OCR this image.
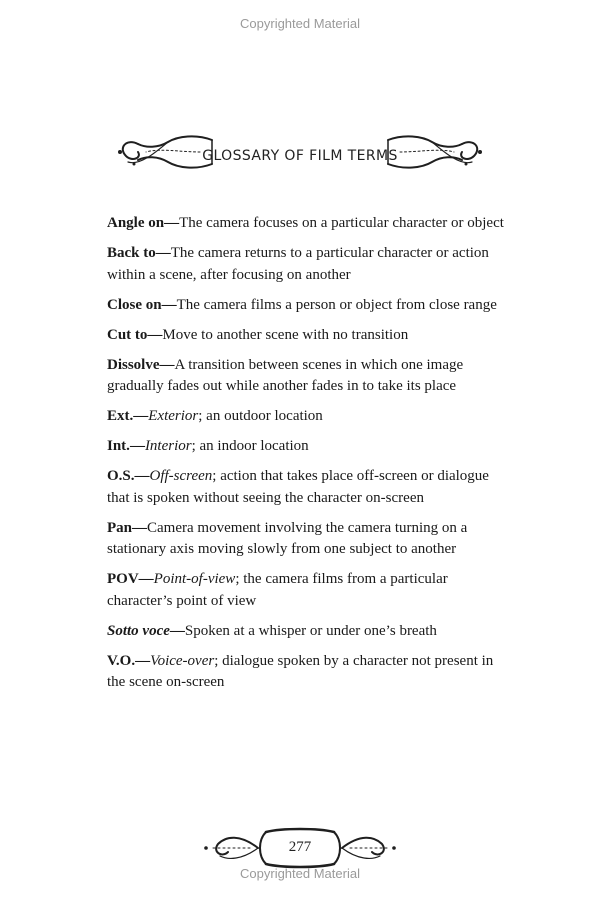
Copyrighted Material
GLOSSARY OF FILM TERMS
Angle on—The camera focuses on a particular character or object
Back to—The camera returns to a particular character or action within a scene, after focusing on another
Close on—The camera films a person or object from close range
Cut to—Move to another scene with no transition
Dissolve—A transition between scenes in which one image gradually fades out while another fades in to take its place
Ext.—Exterior; an outdoor location
Int.—Interior; an indoor location
O.S.—Off-screen; action that takes place off-screen or dialogue that is spoken without seeing the character on-screen
Pan—Camera movement involving the camera turning on a stationary axis moving slowly from one subject to another
POV—Point-of-view; the camera films from a particular character’s point of view
Sotto voce—Spoken at a whisper or under one’s breath
V.O.—Voice-over; dialogue spoken by a character not present in the scene on-screen
277
Copyrighted Material
